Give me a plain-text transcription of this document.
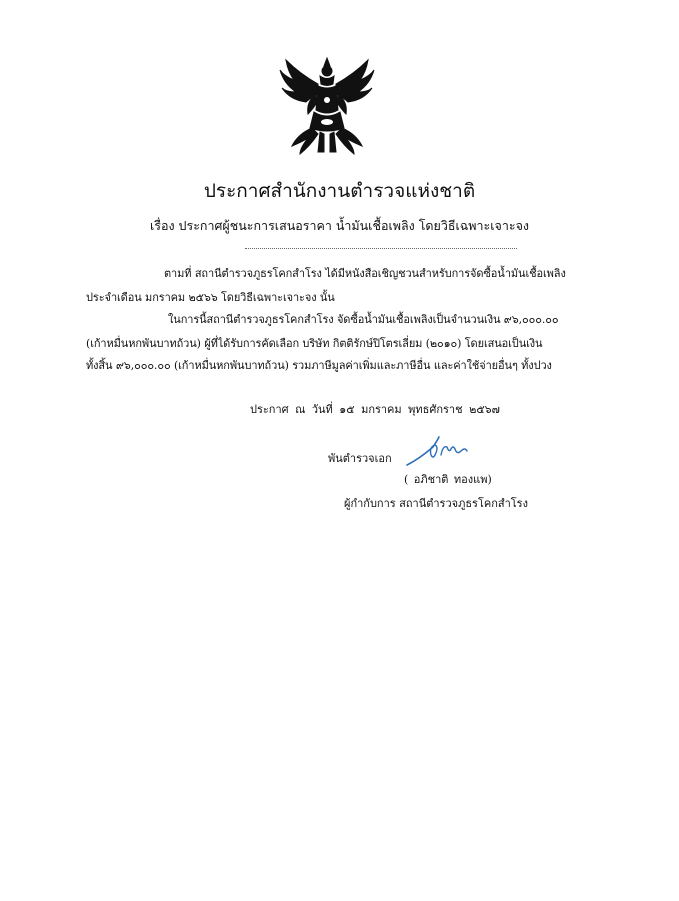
ประกาศสำนักงานตำรวจแห่งชาติ
เรื่อง ประกาศผู้ชนะการเสนอราคา น้ำมันเชื้อเพลิง โดยวิธีเฉพาะเจาะจง
ตามที่ สถานีตำรวจภูธรโคกสำโรง ได้มีหนังสือเชิญชวนสำหรับการจัดซื้อน้ำมันเชื้อเพลิง
ประจำเดือน มกราคม ๒๕๖๖ โดยวิธีเฉพาะเจาะจง นั้น
ในการนี้สถานีตำรวจภูธรโคกสำโรง จัดซื้อน้ำมันเชื้อเพลิงเป็นจำนวนเงิน ๙๖,๐๐๐.๐๐
(เก้าหมื่นหกพันบาทถ้วน) ผู้ที่ได้รับการคัดเลือก บริษัท กิตติรักษ์ปิโตรเลี่ยม (๒๐๑๐) โดยเสนอเป็นเงิน
ทั้งสิ้น ๙๖,๐๐๐.๐๐ (เก้าหมื่นหกพันบาทถ้วน) รวมภาษีมูลค่าเพิ่มและภาษีอื่น และค่าใช้จ่ายอื่นๆ ทั้งปวง
ประกาศ ณ วันที่ ๑๕ มกราคม พุทธศักราช ๒๕๖๗
พันตำรวจเอก
( อภิชาติ ทองแพ)
ผู้กำกับการ สถานีตำรวจภูธรโคกสำโรง
